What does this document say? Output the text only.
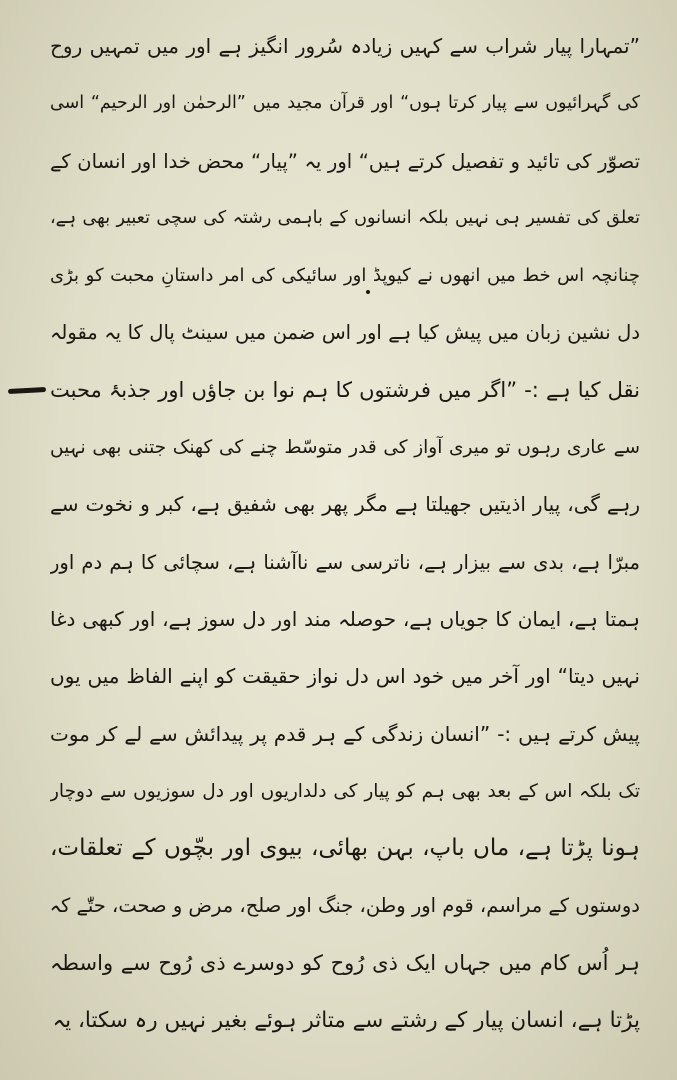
”تمہارا پیار شراب سے کہیں زیادہ سُرور انگیز ہے اور میں تمہیں روح
کی گہرائیوں سے پیار کرتا ہوں“ اور قرآن مجید میں ”الرحمٰن اور الرحیم“ اسی
تصوّر کی تائید و تفصیل کرتے ہیں“ اور یہ ”پیار“ محض خدا اور انسان کے
تعلق کی تفسیر ہی نہیں بلکہ انسانوں کے باہمی رشتہ کی سچی تعبیر بھی ہے،
چنانچہ اس خط میں انھوں نے کیوپڈ اور سائیکی کی امر داستانِ محبت کو بڑی
دل نشین زبان میں پیش کیا ہے اور اس ضمن میں سینٹ پال کا یہ مقولہ
نقل کیا ہے :- ”اگر میں فرشتوں کا ہم نوا بن جاؤں اور جذبۂ محبت
سے عاری رہوں تو میری آواز کی قدر متوسّط چنے کی کھنک جتنی بھی نہیں
رہے گی، پیار اذیتیں جھیلتا ہے مگر پھر بھی شفیق ہے، کبر و نخوت سے
مبرّا ہے، بدی سے بیزار ہے، ناترسی سے ناآشنا ہے، سچائی کا ہم دم اور
ہمتا ہے، ایمان کا جویاں ہے، حوصلہ مند اور دل سوز ہے، اور کبھی دغا
نہیں دیتا“ اور آخر میں خود اس دل نواز حقیقت کو اپنے الفاظ میں یوں
پیش کرتے ہیں :- ”انسان زندگی کے ہر قدم پر پیدائش سے لے کر موت
تک بلکہ اس کے بعد بھی ہم کو پیار کی دلداریوں اور دل سوزیوں سے دوچار
ہونا پڑتا ہے، ماں باپ، بہن بھائی، بیوی اور بچّوں کے تعلقات،
دوستوں کے مراسم، قوم اور وطن، جنگ اور صلح، مرض و صحت، حتّٰے کہ
ہر اُس کام میں جہاں ایک ذی رُوح کو دوسرے ذی رُوح سے واسطہ
پڑتا ہے، انسان پیار کے رشتے سے متاثر ہوئے بغیر نہیں رہ سکتا، یہ
